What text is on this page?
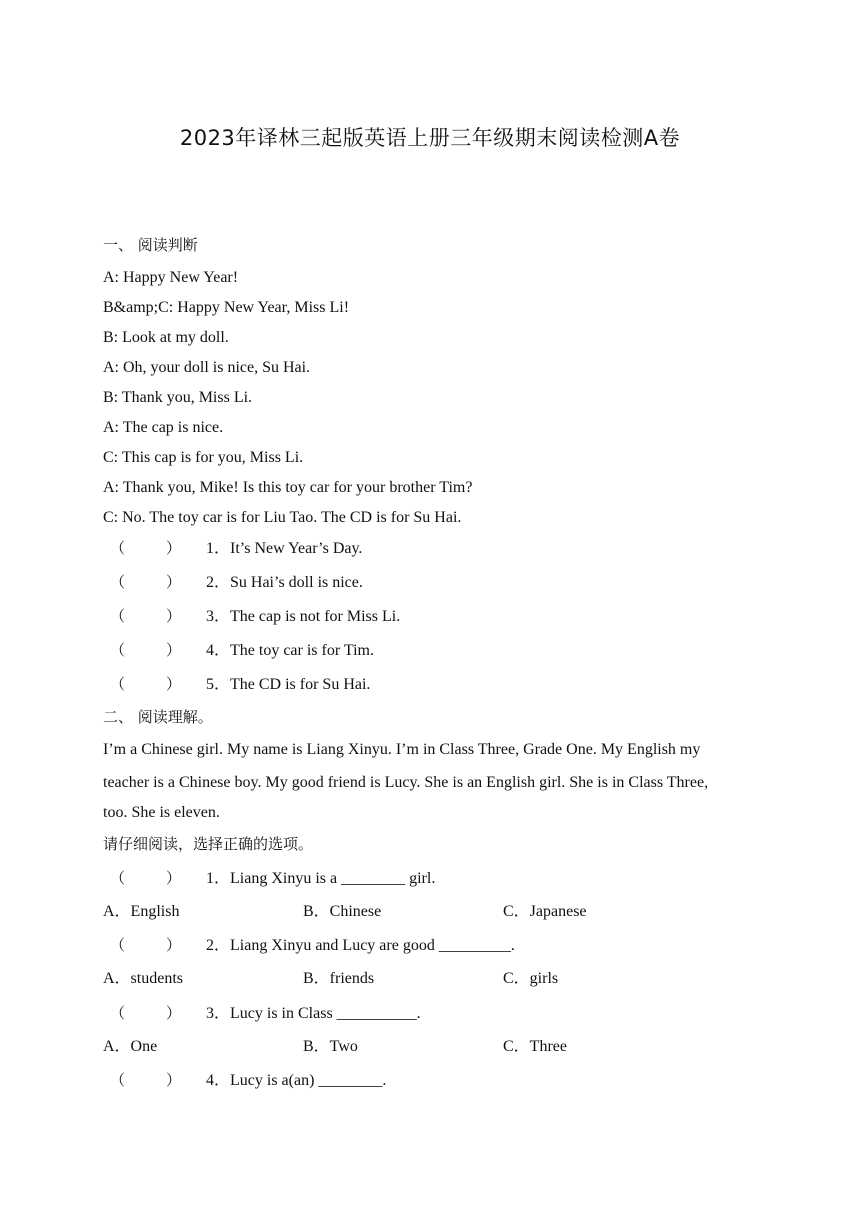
2023年译林三起版英语上册三年级期末阅读检测A卷
一、 阅读判断
A: Happy New Year!
B&amp;C: Happy New Year, Miss Li!
B: Look at my doll.
A: Oh, your doll is nice, Su Hai.
B: Thank you, Miss Li.
A: The cap is nice.
C: This cap is for you, Miss Li.
A: Thank you, Mike! Is this toy car for your brother Tim?
C: No. The toy car is for Liu Tao. The CD is for Su Hai.
（	） 1．It’s New Year’s Day.
（	） 2．Su Hai’s doll is nice.
（	） 3．The cap is not for Miss Li.
（	） 4．The toy car is for Tim.
（	） 5．The CD is for Su Hai.
二、 阅读理解。
I’m a Chinese girl. My name is Liang Xinyu. I’m in Class Three, Grade One. My English my
teacher is a Chinese boy. My good friend is Lucy. She is an English girl. She is in Class Three,
too. She is eleven.
请仔细阅读，选择正确的选项。
（	） 1．Liang Xinyu is a ________ girl.
A．English	B．Chinese	C．Japanese
（	） 2．Liang Xinyu and Lucy are good _________.
A．students	B．friends	C．girls
（	） 3．Lucy is in Class __________.
A．One	B．Two	C．Three
（	） 4．Lucy is a(an) ________.
